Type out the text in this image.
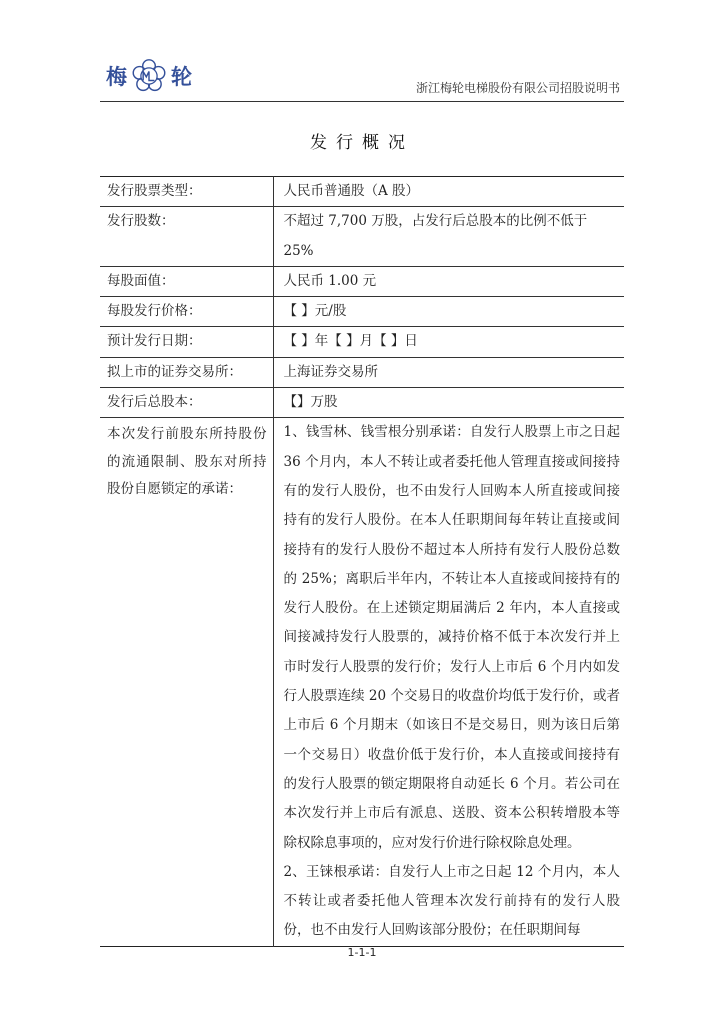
梅 轮	浙江梅轮电梯股份有限公司招股说明书
发行概况
发行股票类型：	人民币普通股（A 股）
发行股数：	不超过 7,700 万股，占发行后总股本的比例不低于 25%
每股面值：	人民币 1.00 元
每股发行价格：	【 】元/股
预计发行日期：	【 】年【 】月【 】日
拟上市的证券交易所：	上海证券交易所
发行后总股本：	【】万股
本次发行前股东所持股份的流通限制、股东对所持股份自愿锁定的承诺：	1、钱雪林、钱雪根分别承诺：自发行人股票上市之日起 36 个月内，本人不转让或者委托他人管理直接或间接持有的发行人股份，也不由发行人回购本人所直接或间接持有的发行人股份。在本人任职期间每年转让直接或间接持有的发行人股份不超过本人所持有发行人股份总数的 25%；离职后半年内，不转让本人直接或间接持有的发行人股份。在上述锁定期届满后 2 年内，本人直接或间接减持发行人股票的，减持价格不低于本次发行并上市时发行人股票的发行价；发行人上市后 6 个月内如发行人股票连续 20 个交易日的收盘价均低于发行价，或者上市后 6 个月期末（如该日不是交易日，则为该日后第一个交易日）收盘价低于发行价，本人直接或间接持有的发行人股票的锁定期限将自动延长 6 个月。若公司在本次发行并上市后有派息、送股、资本公积转增股本等除权除息事项的，应对发行价进行除权除息处理。
2、王铼根承诺：自发行人上市之日起 12 个月内，本人不转让或者委托他人管理本次发行前持有的发行人股份，也不由发行人回购该部分股份；在任职期间每
1-1-1
